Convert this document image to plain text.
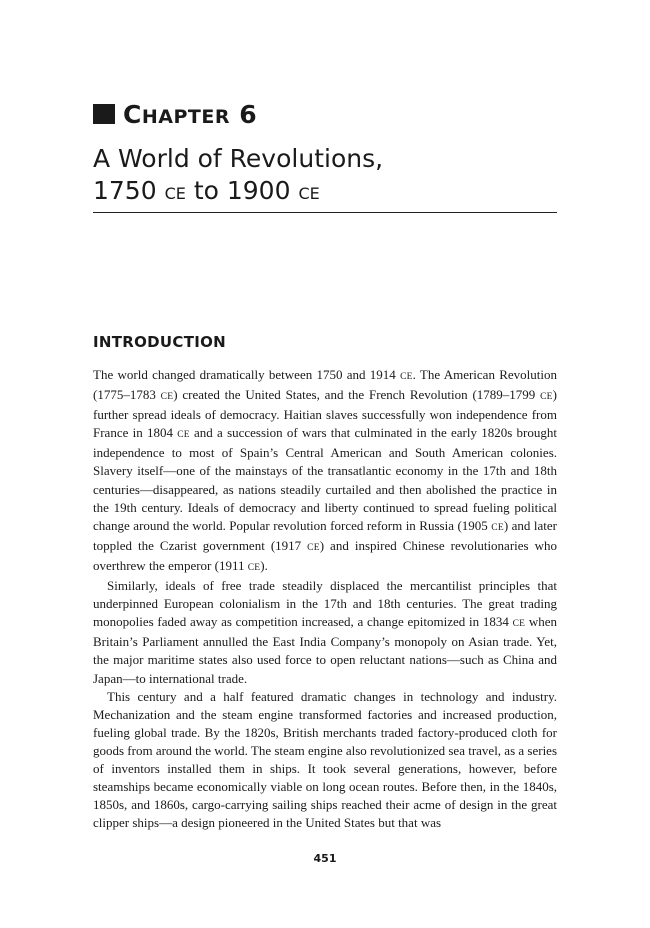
CHAPTER 6
A World of Revolutions,
1750 CE to 1900 CE
INTRODUCTION

The world changed dramatically between 1750 and 1914 CE. The American Revolution (1775–1783 CE) created the United States, and the French Revolution (1789–1799 CE) further spread ideals of democracy. Haitian slaves successfully won independence from France in 1804 CE and a succession of wars that culminated in the early 1820s brought independence to most of Spain’s Central American and South American colonies. Slavery itself—one of the mainstays of the transatlantic economy in the 17th and 18th centuries—disappeared, as nations steadily curtailed and then abolished the practice in the 19th century. Ideals of democracy and liberty continued to spread fueling political change around the world. Popular revolution forced reform in Russia (1905 CE) and later toppled the Czarist government (1917 CE) and inspired Chinese revolutionaries who overthrew the emperor (1911 CE).

Similarly, ideals of free trade steadily displaced the mercantilist principles that underpinned European colonialism in the 17th and 18th centuries. The great trading monopolies faded away as competition increased, a change epitomized in 1834 CE when Britain’s Parliament annulled the East India Company’s monopoly on Asian trade. Yet, the major maritime states also used force to open reluctant nations—such as China and Japan—to international trade.

This century and a half featured dramatic changes in technology and industry. Mechanization and the steam engine transformed factories and increased production, fueling global trade. By the 1820s, British merchants traded factory-produced cloth for goods from around the world. The steam engine also revolutionized sea travel, as a series of inventors installed them in ships. It took several generations, however, before steamships became economically viable on long ocean routes. Before then, in the 1840s, 1850s, and 1860s, cargo-carrying sailing ships reached their acme of design in the great clipper ships—a design pioneered in the United States but that was

451
